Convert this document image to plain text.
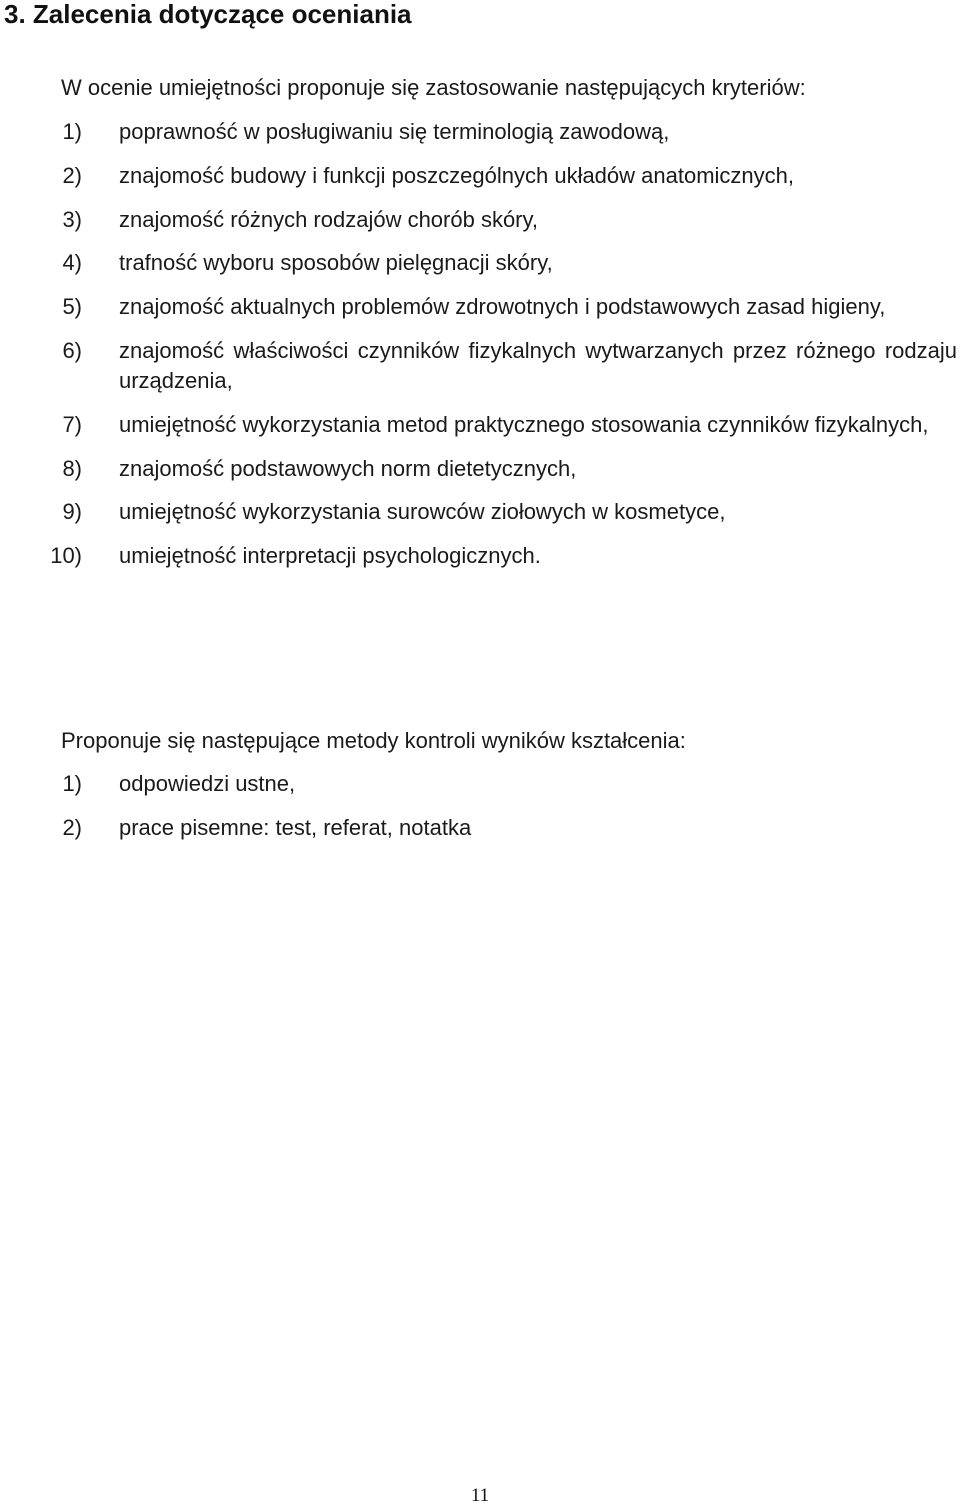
3. Zalecenia dotyczące oceniania

W ocenie umiejętności proponuje się zastosowanie następujących kryteriów:

1) poprawność w posługiwaniu się terminologią zawodową,
2) znajomość budowy i funkcji poszczególnych układów anatomicznych,
3) znajomość różnych rodzajów chorób skóry,
4) trafność wyboru sposobów pielęgnacji skóry,
5) znajomość aktualnych problemów zdrowotnych i podstawowych zasad higieny,
6) znajomość właściwości czynników fizykalnych wytwarzanych przez różnego rodzaju urządzenia,
7) umiejętność wykorzystania metod praktycznego stosowania czynników fizykalnych,
8) znajomość podstawowych norm dietetycznych,
9) umiejętność wykorzystania surowców ziołowych w kosmetyce,
10) umiejętność interpretacji psychologicznych.

Proponuje się następujące metody kontroli wyników kształcenia:

1) odpowiedzi ustne,
2) prace pisemne: test, referat, notatka
11
